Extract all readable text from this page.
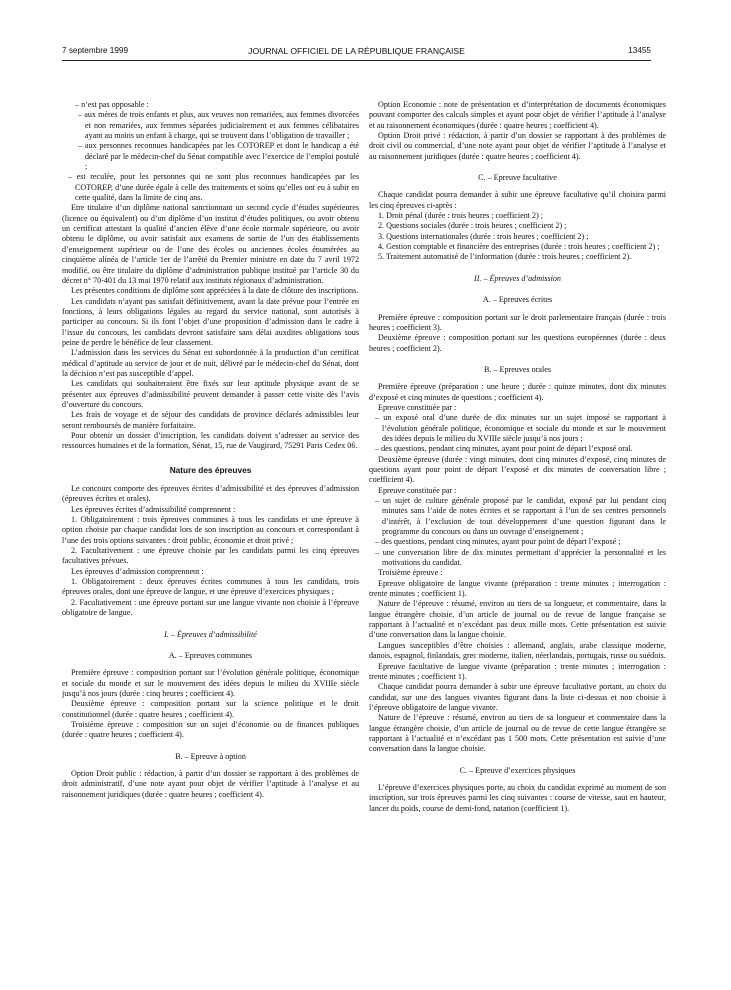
7 septembre 1999	JOURNAL OFFICIEL DE LA RÉPUBLIQUE FRANÇAISE	13455

– n’est pas opposable :

– aux mères de trois enfants et plus, aux veuves non remariées, aux femmes divorcées et non remariées, aux femmes séparées judiciairement et aux femmes célibataires ayant au moins un enfant à charge, qui se trouvent dans l’obligation de travailler ;

– aux personnes reconnues handicapées par les COTOREP et dont le handicap a été déclaré par le médecin-chef du Sénat compatible avec l’exercice de l’emploi postulé ;

– est reculée, pour les personnes qui ne sont plus reconnues handicapées par les COTOREP, d’une durée égale à celle des traitements et soins qu’elles ont eu à subir en cette qualité, dans la limite de cinq ans.

Etre titulaire d’un diplôme national sanctionnant un second cycle d’études supérieures (licence ou équivalent) ou d’un diplôme d’un institut d’études politiques, ou avoir obtenu un certificat attestant la qualité d’ancien élève d’une école normale supérieure, ou avoir obtenu le diplôme, ou avoir satisfait aux examens de sortie de l’un des établissements d’enseignement supérieur ou de l’une des écoles ou anciennes écoles énumérées au cinquième alinéa de l’article 1er de l’arrêté du Premier ministre en date du 7 avril 1972 modifié, ou être titulaire du diplôme d’administration publique institué par l’article 30 du décret n° 70-401 du 13 mai 1970 relatif aux instituts régionaux d’administration.

Les présentes conditions de diplôme sont appréciées à la date de clôture des inscriptions.

Les candidats n’ayant pas satisfait définitivement, avant la date prévue pour l’entrée en fonctions, à leurs obligations légales au regard du service national, sont autorisés à participer au concours. Si ils font l’objet d’une proposition d’admission dans le cadre à l’issue du concours, les candidats devront satisfaire sans délai auxdites obligations sous peine de perdre le bénéfice de leur classement.

L’admission dans les services du Sénat est subordonnée à la production d’un certificat médical d’aptitude au service de jour et de nuit, délivré par le médecin-chef du Sénat, dont la décision n’est pas susceptible d’appel.

Les candidats qui souhaiteraient être fixés sur leur aptitude physique avant de se présenter aux épreuves d’admissibilité peuvent demander à passer cette visite dès l’avis d’ouverture du concours.

Les frais de voyage et de séjour des candidats de province déclarés admissibles leur seront remboursés de manière forfaitaire.

Pour obtenir un dossier d’inscription, les candidats doivent s’adresser au service des ressources humaines et de la formation, Sénat, 15, rue de Vaugirard, 75291 Paris Cedex 06.

Nature des épreuves

Le concours comporte des épreuves écrites d’admissibilité et des épreuves d’admission (épreuves écrites et orales).

Les épreuves écrites d’admissibilité comprennent :

1. Obligatoirement : trois épreuves communes à tous les candidats et une épreuve à option choisie par chaque candidat lors de son inscription au concours et correspondant à l’une des trois options suivantes : droit public, économie et droit privé ;

2. Facultativement : une épreuve choisie par les candidats parmi les cinq épreuves facultatives prévues.

Les épreuves d’admission comprennent :

1. Obligatoirement : deux épreuves écrites communes à tous les candidats, trois épreuves orales, dont une épreuve de langue, et une épreuve d’exercices physiques ;

2. Facultativement : une épreuve portant sur une langue vivante non choisie à l’épreuve obligatoire de langue.

I. – Épreuves d’admissibilité
A. – Epreuves communes

Première épreuve : composition portant sur l’évolution générale politique, économique et sociale du monde et sur le mouvement des idées depuis le milieu du XVIIIe siècle jusqu’à nos jours (durée : cinq heures ; coefficient 4).

Deuxième épreuve : composition portant sur la science politique et le droit constitutionnel (durée : quatre heures ; coefficient 4).

Troisième épreuve : composition sur un sujet d’économie ou de finances publiques (durée : quatre heures ; coefficient 4).

B. – Epreuve à option

Option Droit public : rédaction, à partir d’un dossier se rapportant à des problèmes de droit administratif, d’une note ayant pour objet de vérifier l’aptitude à l’analyse et au raisonnement juridiques (durée : quatre heures ; coefficient 4).

Option Economie : note de présentation et d’interprétation de documents économiques pouvant comporter des calculs simples et ayant pour objet de vérifier l’aptitude à l’analyse et au raisonnement économiques (durée : quatre heures ; coefficient 4).

Option Droit privé : rédaction, à partir d’un dossier se rapportant à des problèmes de droit civil ou commercial, d’une note ayant pour objet de vérifier l’aptitude à l’analyse et au raisonnement juridiques (durée : quatre heures ; coefficient 4).

C. – Epreuve facultative

Chaque candidat pourra demander à subir une épreuve facultative qu’il choisira parmi les cinq épreuves ci-après :

1. Droit pénal (durée : trois heures ; coefficient 2) ;

2. Questions sociales (durée : trois heures ; coefficient 2) ;

3. Questions internationales (durée : trois heures ; coefficient 2) ;

4. Gestion comptable et financière des entreprises (durée : trois heures ; coefficient 2) ;

5. Traitement automatisé de l’information (durée : trois heures ; coefficient 2).

II. – Épreuves d’admission
A. – Epreuves écrites

Première épreuve : composition portant sur le droit parlementaire français (durée : trois heures ; coefficient 3).

Deuxième épreuve : composition portant sur les questions européennes (durée : deux heures ; coefficient 2).

B. – Epreuves orales

Première épreuve (préparation : une heure ; durée : quinze minutes, dont dix minutes d’exposé et cinq minutes de questions ; coefficient 4).

Epreuve constituée par :

– un exposé oral d’une durée de dix minutes sur un sujet imposé se rapportant à l’évolution générale politique, économique et sociale du monde et sur le mouvement des idées depuis le milieu du XVIIIe siècle jusqu’à nos jours ;

– des questions, pendant cinq minutes, ayant pour point de départ l’exposé oral.

Deuxième épreuve (durée : vingt minutes, dont cinq minutes d’exposé, cinq minutes de questions ayant pour point de départ l’exposé et dix minutes de conversation libre ; coefficient 4).

Epreuve constituée par :

– un sujet de culture générale proposé par le candidat, exposé par lui pendant cinq minutes sans l’aide de notes écrites et se rapportant à l’un de ses centres personnels d’intérêt, à l’exclusion de tout développement d’une question figurant dans le programme du concours ou dans un ouvrage d’enseignement ;

– des questions, pendant cinq minutes, ayant pour point de départ l’exposé ;

– une conversation libre de dix minutes permettant d’apprécier la personnalité et les motivations du candidat.

Troisième épreuve :

Epreuve obligatoire de langue vivante (préparation : trente minutes ; interrogation : trente minutes ; coefficient 1).

Nature de l’épreuve : résumé, environ au tiers de sa longueur, et commentaire, dans la langue étrangère choisie, d’un article de journal ou de revue de langue française se rapportant à l’actualité et n’excédant pas deux mille mots. Cette présentation est suivie d’une conversation dans la langue choisie.

Langues susceptibles d’être choisies : allemand, anglais, arabe classique moderne, danois, espagnol, finlandais, grec moderne, italien, néerlandais, portugais, russe ou suédois.

Epreuve facultative de langue vivante (préparation : trente minutes ; interrogation : trente minutes ; coefficient 1).

Chaque candidat pourra demander à subir une épreuve facultative portant, au choix du candidat, sur une des langues vivantes figurant dans la liste ci-dessus et non choisie à l’épreuve obligatoire de langue vivante.

Nature de l’épreuve : résumé, environ au tiers de sa longueur et commentaire dans la langue étrangère choisie, d’un article de journal ou de revue de cette langue étrangère se rapportant à l’actualité et n’excédant pas 1 500 mots. Cette présentation est suivie d’une conversation dans la langue choisie.

C. – Epreuve d’exercices physiques

L’épreuve d’exercices physiques porte, au choix du candidat exprimé au moment de son inscription, sur trois épreuves parmi les cinq suivantes : course de vitesse, saut en hauteur, lancer du poids, course de demi-fond, natation (coefficient 1).
